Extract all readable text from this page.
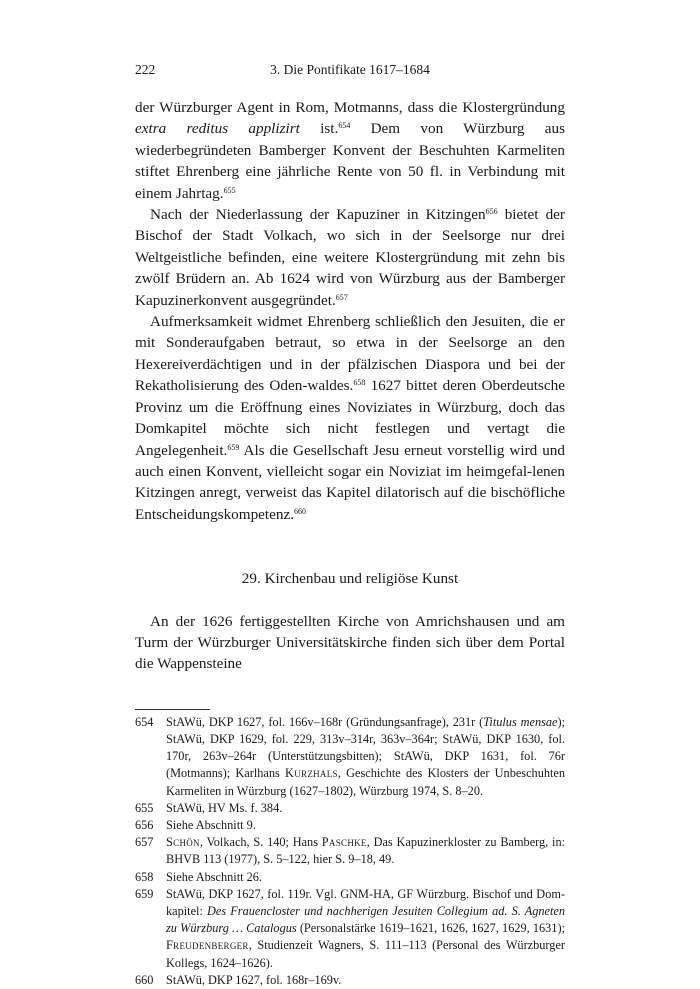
222	3. Die Pontifikate 1617–1684

der Würzburger Agent in Rom, Motmanns, dass die Klostergründung extra reditus applizirt ist.$^{654}$ Dem von Würzburg aus wiederbegründeten Bamberger Konvent der Beschuhten Karmeliten stiftet Ehrenberg eine jährliche Rente von 50 fl. in Verbindung mit einem Jahrtag.$^{655}$

Nach der Niederlassung der Kapuziner in Kitzingen$^{656}$ bietet der Bischof der Stadt Volkach, wo sich in der Seelsorge nur drei Weltgeistliche befinden, eine weitere Klostergründung mit zehn bis zwölf Brüdern an. Ab 1624 wird von Würzburg aus der Bamberger Kapuzinerkonvent ausgegründet.$^{657}$

Aufmerksamkeit widmet Ehrenberg schließlich den Jesuiten, die er mit Sonderaufgaben betraut, so etwa in der Seelsorge an den Hexereiverdächtigen und in der pfälzischen Diaspora und bei der Rekatholisierung des Oden-waldes.$^{658}$ 1627 bittet deren Oberdeutsche Provinz um die Eröffnung eines Noviziates in Würzburg, doch das Domkapitel möchte sich nicht festlegen und vertagt die Angelegenheit.$^{659}$ Als die Gesellschaft Jesu erneut vorstellig wird und auch einen Konvent, vielleicht sogar ein Noviziat im heimgefal-lenen Kitzingen anregt, verweist das Kapitel dilatorisch auf die bischöfliche Entscheidungskompetenz.$^{660}$

29. Kirchenbau und religiöse Kunst

An der 1626 fertiggestellten Kirche von Amrichshausen und am Turm der Würzburger Universitätskirche finden sich über dem Portal die Wappensteine

654	StAWü, DKP 1627, fol. 166v–168r (Gründungsanfrage), 231r (Titulus mensae); StAWü, DKP 1629, fol. 229, 313v–314r, 363v–364r; StAWü, DKP 1630, fol. 170r, 263v–264r (Unterstützungsbitten); StAWü, DKP 1631, fol. 76r (Motmanns); Karlhans Kurzhals, Geschichte des Klosters der Unbeschuhten Karmeliten in Würzburg (1627–1802), Würzburg 1974, S. 8–20.
655	StAWü, HV Ms. f. 384.
656	Siehe Abschnitt 9.
657	Schön, Volkach, S. 140; Hans Paschke, Das Kapuzinerkloster zu Bamberg, in: BHVB 113 (1977), S. 5–122, hier S. 9–18, 49.
658	Siehe Abschnitt 26.
659	StAWü, DKP 1627, fol. 119r. Vgl. GNM-HA, GF Würzburg. Bischof und Dom-kapitel: Des Frauencloster und nachherigen Jesuiten Collegium ad. S. Agneten zu Würzburg … Catalogus (Personalstärke 1619–1621, 1626, 1627, 1629, 1631); Freudenberger, Studienzeit Wagners, S. 111–113 (Personal des Würzburger Kollegs, 1624–1626).
660	StAWü, DKP 1627, fol. 168r–169v.
